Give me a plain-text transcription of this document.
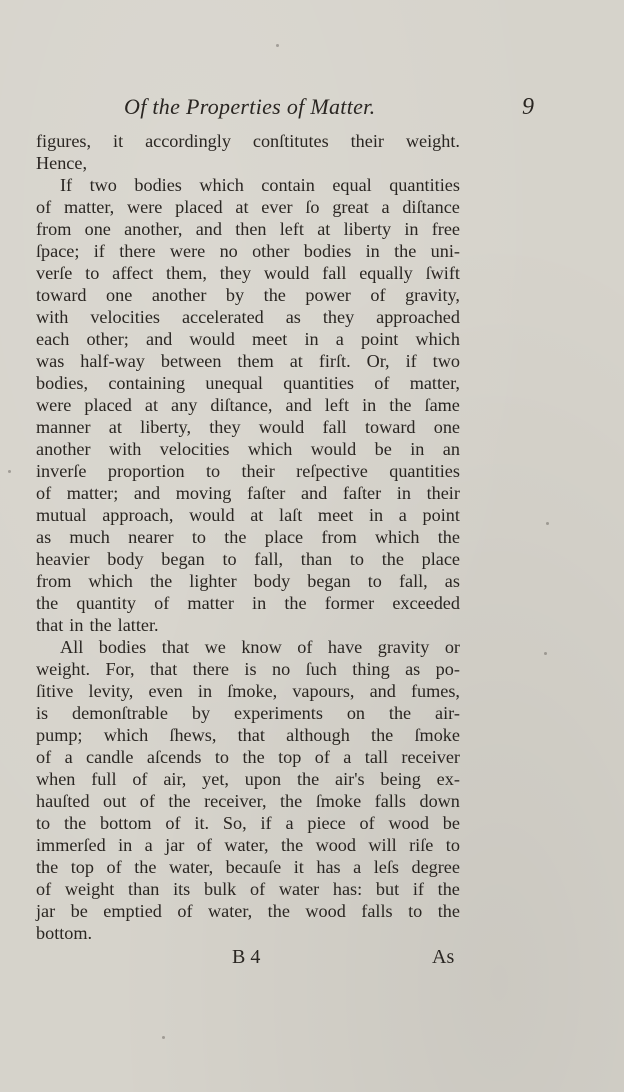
Of the Properties of Matter.	9
figures, it accordingly conſtitutes their weight.
Hence,
If two bodies which contain equal quantities
of matter, were placed at ever ſo great a diſtance
from one another, and then left at liberty in free
ſpace; if there were no other bodies in the uni-
verſe to affect them, they would fall equally ſwift
toward one another by the power of gravity,
with velocities accelerated as they approached
each other; and would meet in a point which
was half-way between them at firſt. Or, if two
bodies, containing unequal quantities of matter,
were placed at any diſtance, and left in the ſame
manner at liberty, they would fall toward one
another with velocities which would be in an
inverſe proportion to their reſpective quantities
of matter; and moving faſter and faſter in their
mutual approach, would at laſt meet in a point
as much nearer to the place from which the
heavier body began to fall, than to the place
from which the lighter body began to fall, as
the quantity of matter in the former exceeded
that in the latter.
All bodies that we know of have gravity or
weight. For, that there is no ſuch thing as po-
ſitive levity, even in ſmoke, vapours, and fumes,
is demonſtrable by experiments on the air-
pump; which ſhews, that although the ſmoke
of a candle aſcends to the top of a tall receiver
when full of air, yet, upon the air's being ex-
hauſted out of the receiver, the ſmoke falls down
to the bottom of it. So, if a piece of wood be
immerſed in a jar of water, the wood will riſe to
the top of the water, becauſe it has a leſs degree
of weight than its bulk of water has: but if the
jar be emptied of water, the wood falls to the
bottom.
B 4	As
